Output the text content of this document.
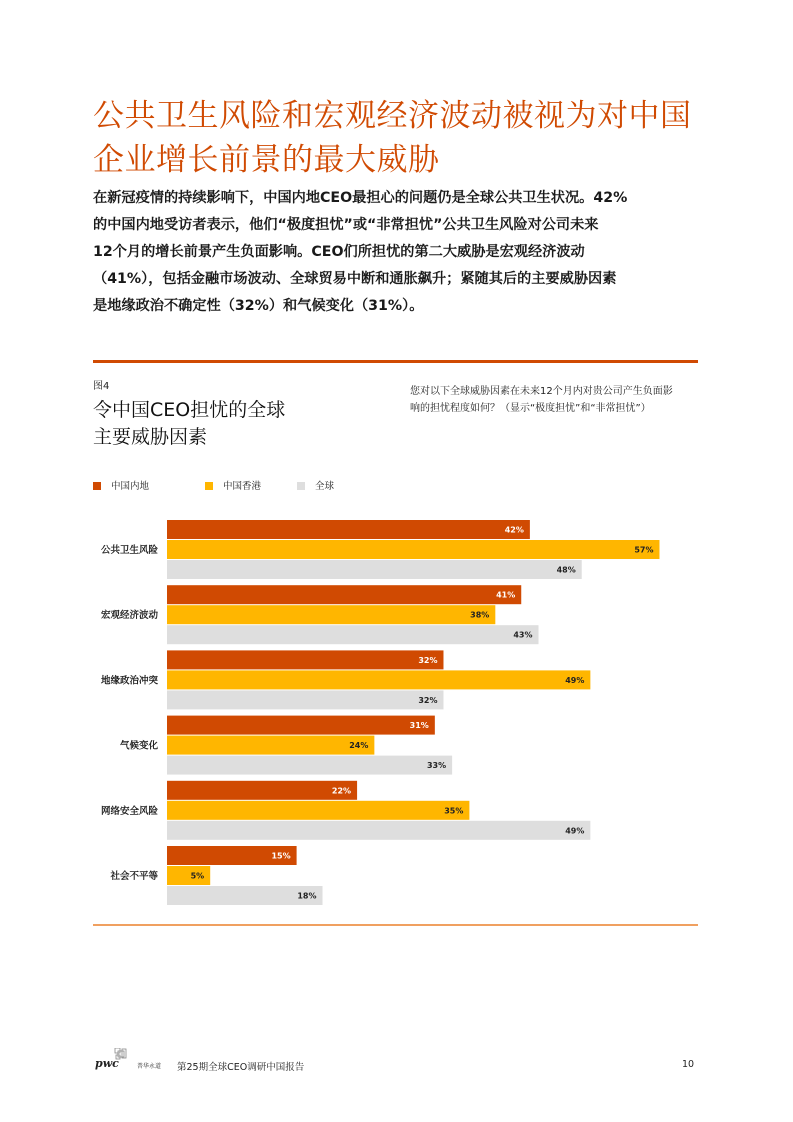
公共卫生风险和宏观经济波动被视为对中国
企业增长前景的最大威胁
在新冠疫情的持续影响下，中国内地CEO最担心的问题仍是全球公共卫生状况。42%
的中国内地受访者表示，他们“极度担忧”或“非常担忧”公共卫生风险对公司未来
12个月的增长前景产生负面影响。CEO们所担忧的第二大威胁是宏观经济波动
（41%），包括金融市场波动、全球贸易中断和通胀飙升；紧随其后的主要威胁因素
是地缘政治不确定性（32%）和气候变化（31%）。
图4
令中国CEO担忧的全球
主要威胁因素
您对以下全球威胁因素在未来12个月内对贵公司产生负面影
响的担忧程度如何？（显示“极度担忧”和“非常担忧”）
中国内地	中国香港	全球
公共卫生风险
42%
57%
48%
宏观经济波动
41%
38%
43%
地缘政治冲突
32%
49%
32%
气候变化
31%
24%
33%
网络安全风险
22%
35%
49%
社会不平等
15%
5%
18%
pwc	普华永道 第25期全球CEO调研中国报告	10
